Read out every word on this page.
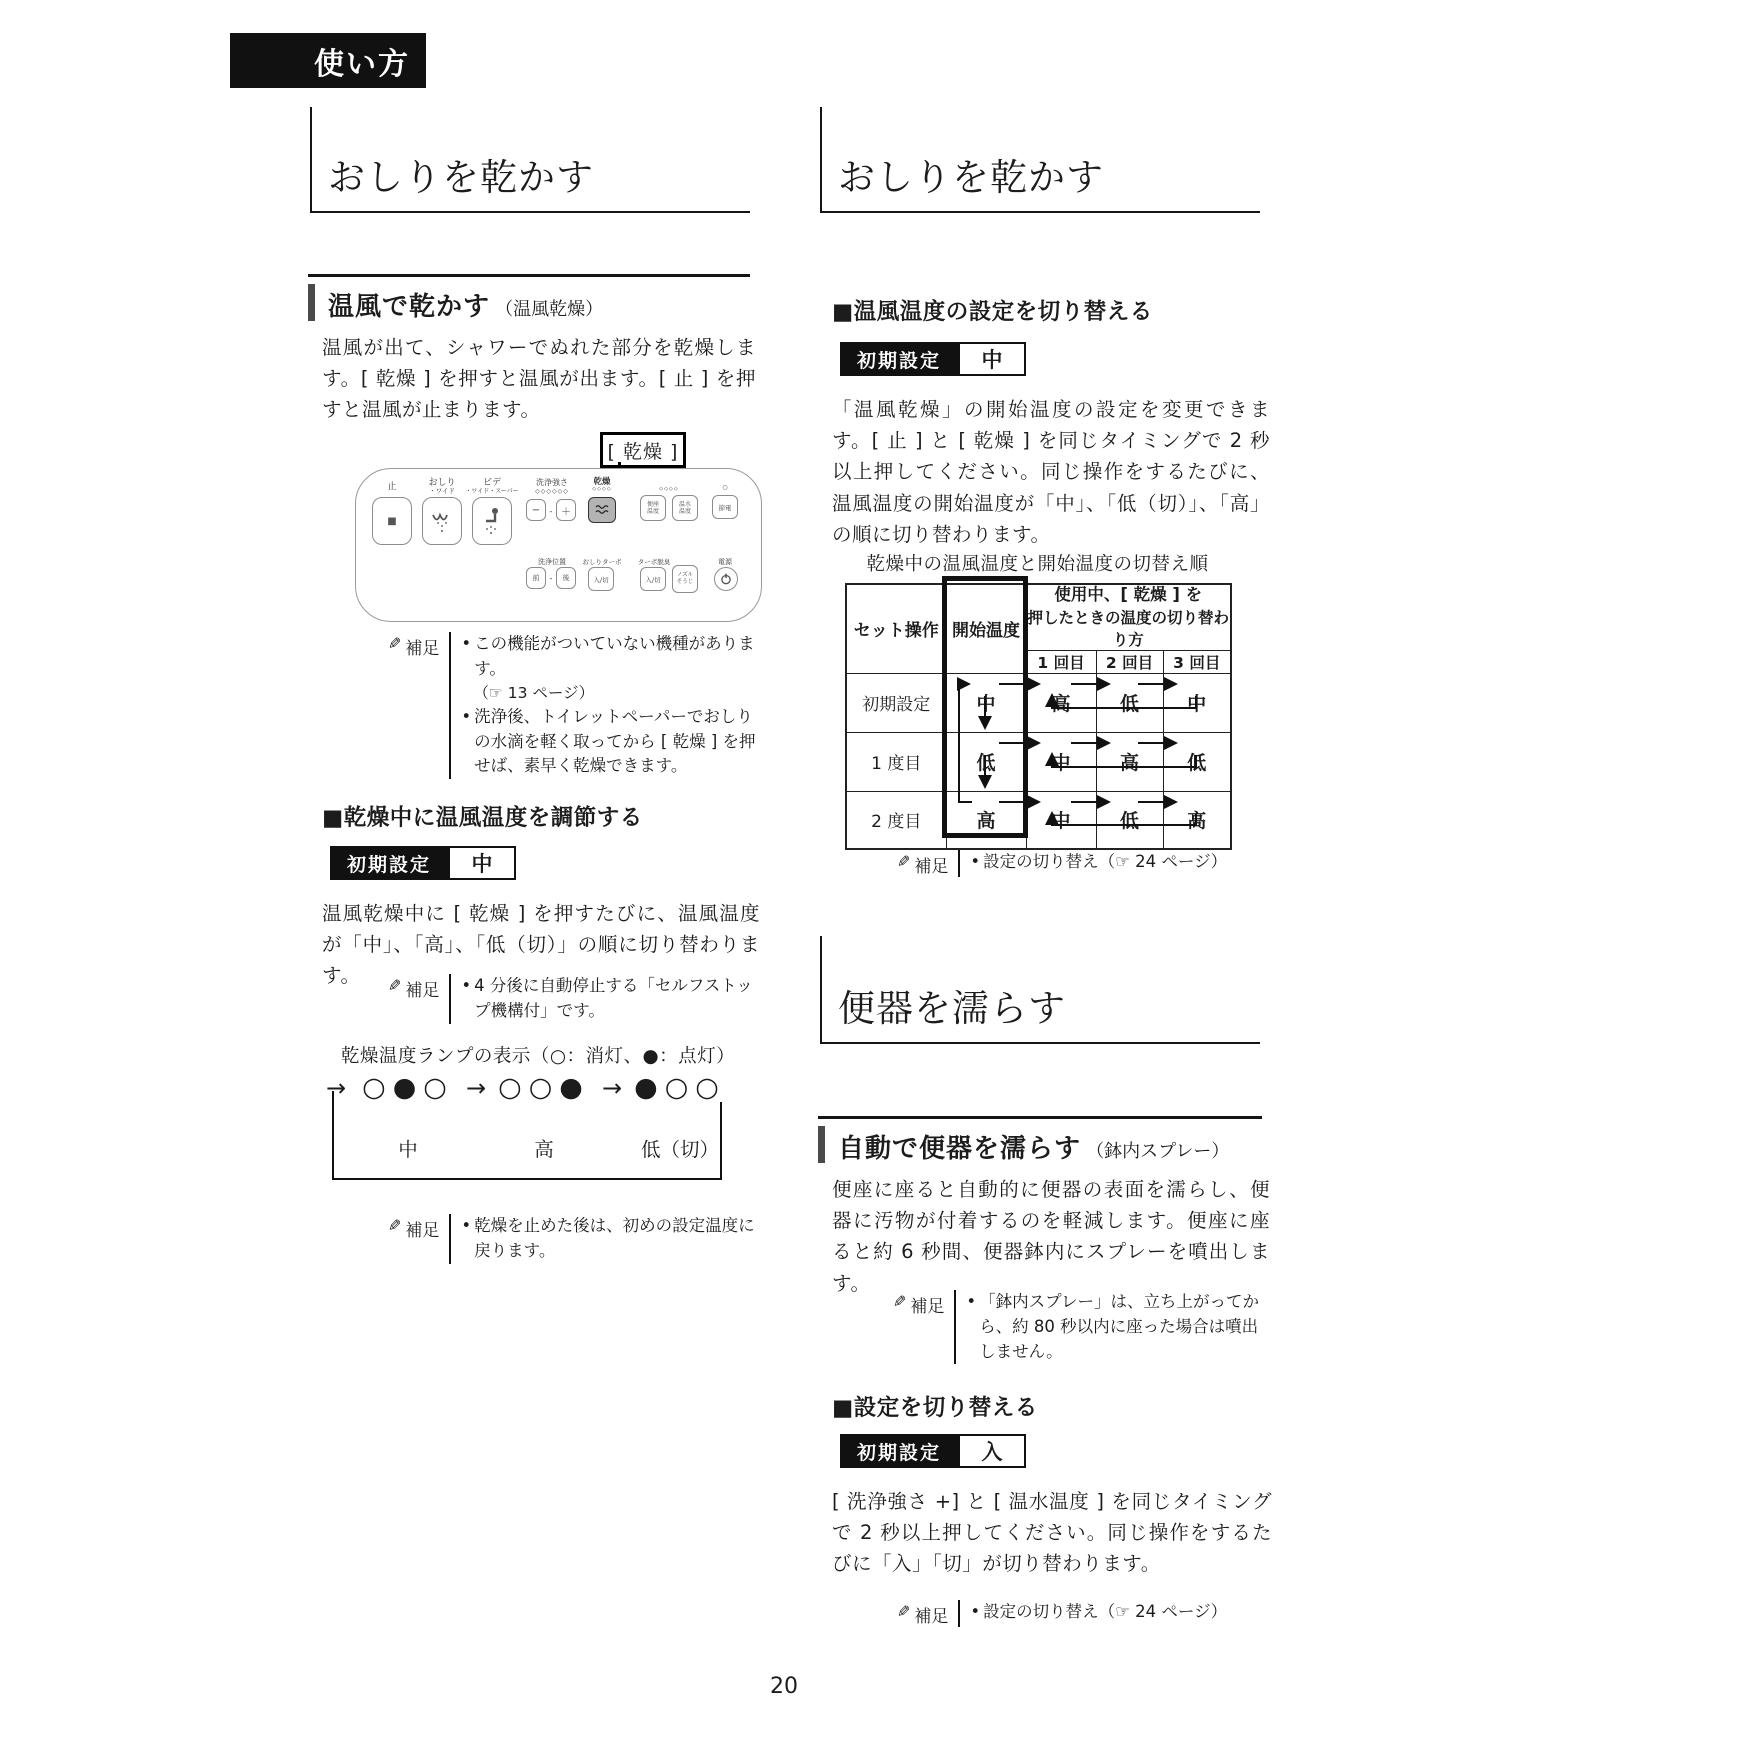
使い方
おしりを乾かす
温風で乾かす （温風乾燥）
温風が出て、シャワーでぬれた部分を乾燥します。[ 乾燥 ] を押すと温風が出ます。[ 止 ] を押すと温風が止まります。
[ 乾燥 ]
止	おしり
・ワイド
ビデ
・ワイド・スーパー
洗浄強さ
◇◇◇◇◇◇
乾燥
◇◇◇◇	◇◇◇◇	○
■
−	- ＋
便座温度
温水温度	節電
洗浄位置	おしりターボ	ターボ脱臭	電源
前	-	後	入/切	入/切
ノズルそうじ
✎ 補足 • この機能がついていない機種があります。
（☞ 13 ページ）
• 洗浄後、トイレットペーパーでおしりの水滴を軽く取ってから [ 乾燥 ] を押せば、素早く乾燥できます。
■乾燥中に温風温度を調節する
初期設定	中
温風乾燥中に [ 乾燥 ] を押すたびに、温風温度が「中」、「高」、「低（切）」の順に切り替わります。	✎ 補足 • 4 分後に自動停止する「セルフストップ機構付」です。
乾燥温度ランプの表示（○：消灯、●：点灯）
→ ○●○ → ○○● → ●○○
中	高	低（切）
✎ 補足 • 乾燥を止めた後は、初めの設定温度に戻ります。
おしりを乾かす
■温風温度の設定を切り替える
初期設定	中
「温風乾燥」の開始温度の設定を変更できます。[ 止 ] と [ 乾燥 ] を同じタイミングで 2 秒以上押してください。同じ操作をするたびに、温風温度の開始温度が「中」、「低（切）」、「高」の順に切り替わります。
乾燥中の温風温度と開始温度の切替え順
セット操作	開始温度	使用中、[ 乾燥 ] を
押したときの温度の切り替わり方		

		1 回目	2 回目	3 回目
初期設定	中	高	低	中
1 度目	低	中	高	低
2 度目	高	中	低	高
✎ 補足 • 設定の切り替え（☞ 24 ページ）
便器を濡らす
自動で便器を濡らす （鉢内スプレー）
便座に座ると自動的に便器の表面を濡らし、便器に汚物が付着するのを軽減します。便座に座ると約 6 秒間、便器鉢内にスプレーを噴出します。
✎ 補足 • 「鉢内スプレー」は、立ち上がってから、約 80 秒以内に座った場合は噴出しません。
■設定を切り替える
初期設定	入
[ 洗浄強さ +] と [ 温水温度 ] を同じタイミングで 2 秒以上押してください。同じ操作をするたびに「入」「切」が切り替わります。
✎ 補足 • 設定の切り替え（☞ 24 ページ）
20
